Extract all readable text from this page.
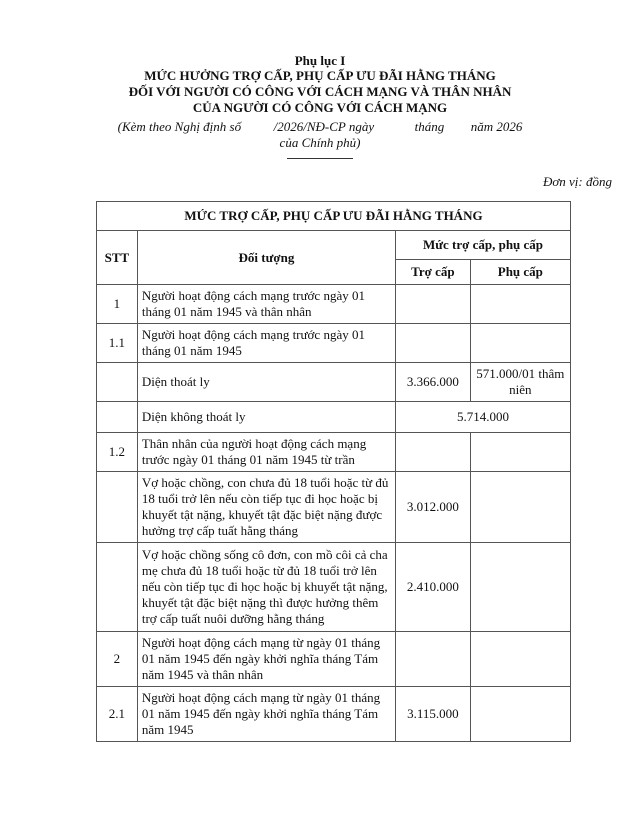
Phụ lục I
MỨC HƯỞNG TRỢ CẤP, PHỤ CẤP ƯU ĐÃI HẰNG THÁNG
ĐỐI VỚI NGƯỜI CÓ CÔNG VỚI CÁCH MẠNG VÀ THÂN NHÂN
CỦA NGƯỜI CÓ CÔNG VỚI CÁCH MẠNG
(Kèm theo Nghị định số	/2026/NĐ-CP ngày	tháng năm 2026
của Chính phủ)
Đơn vị: đồng
MỨC TRỢ CẤP, PHỤ CẤP ƯU ĐÃI HẰNG THÁNG			
STT	Đối tượng	Mức trợ cấp, phụ cấp	
		Trợ cấp	Phụ cấp
1	Người hoạt động cách mạng trước ngày 01 tháng 01 năm 1945 và thân nhân		
1.1	Người hoạt động cách mạng trước ngày 01 tháng 01 năm 1945		
	Diện thoát ly	3.366.000	571.000/01 thâm niên
	Diện không thoát ly	5.714.000	
1.2	Thân nhân của người hoạt động cách mạng trước ngày 01 tháng 01 năm 1945 từ trần		
	Vợ hoặc chồng, con chưa đủ 18 tuổi hoặc từ đủ 18 tuổi trở lên nếu còn tiếp tục đi học hoặc bị khuyết tật nặng, khuyết tật đặc biệt nặng được hưởng trợ cấp tuất hằng tháng	3.012.000	
	Vợ hoặc chồng sống cô đơn, con mồ côi cả cha mẹ chưa đủ 18 tuổi hoặc từ đủ 18 tuổi trở lên nếu còn tiếp tục đi học hoặc bị khuyết tật nặng, khuyết tật đặc biệt nặng thì được hưởng thêm trợ cấp tuất nuôi dưỡng hằng tháng	2.410.000	
2	Người hoạt động cách mạng từ ngày 01 tháng 01 năm 1945 đến ngày khởi nghĩa tháng Tám năm 1945 và thân nhân		
2.1	Người hoạt động cách mạng từ ngày 01 tháng 01 năm 1945 đến ngày khởi nghĩa tháng Tám năm 1945	3.115.000	
